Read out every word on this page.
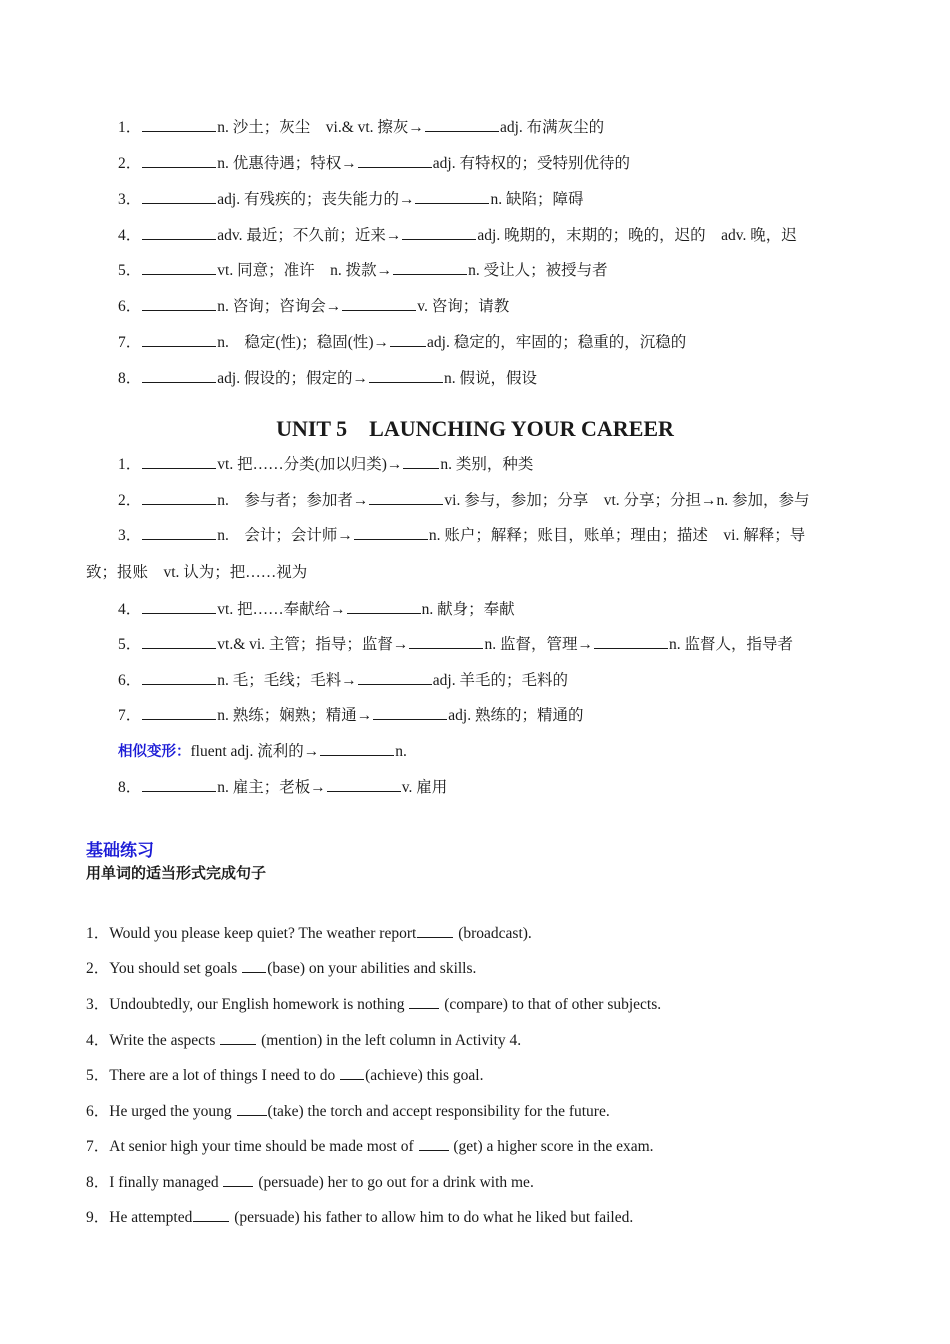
1．	n. 沙土；灰尘　vi.& vt. 擦灰→	adj. 布满灰尘的
2．	n. 优惠待遇；特权→	adj. 有特权的；受特别优待的
3．	adj. 有残疾的；丧失能力的→	n. 缺陷；障碍
4．	adv. 最近；不久前；近来→	adj. 晚期的，末期的；晚的，迟的　adv. 晚，迟
5．	vt. 同意；准许　n. 拨款→	n. 受让人；被授与者
6．	n. 咨询；咨询会→	v. 咨询；请教
7．	n.　稳定(性)；稳固(性)→ adj. 稳定的，牢固的；稳重的，沉稳的
8．	adj. 假设的；假定的→	n. 假说，假设
UNIT 5　LAUNCHING YOUR CAREER
1．	vt. 把……分类(加以归类)→ n. 类别，种类
2．	n.　参与者；参加者→	vi. 参与，参加；分享　vt. 分享；分担→n. 参加，参与
3．	n.　会计；会计师→	n. 账户；解释；账目，账单；理由；描述　vi. 解释；导
致；报账　vt. 认为；把……视为
4．	vt. 把……奉献给→	n. 献身；奉献
5．	vt.& vi. 主管；指导；监督→	n. 监督，管理→	n. 监督人，指导者
6．	n. 毛；毛线；毛料→	adj. 羊毛的；毛料的
7．	n. 熟练；娴熟；精通→	adj. 熟练的；精通的
相似变形：fluent adj. 流利的→	n.
8．	n. 雇主；老板→	v. 雇用
基础练习
用单词的适当形式完成句子
1．Would you please keep quiet? The weather report (broadcast).
2．You should set goals (base) on your abilities and skills.
3．Undoubtedly, our English homework is nothing  (compare) to that of other subjects.
4．Write the aspects  (mention) in the left column in Activity 4.
5．There are a lot of things I need to do (achieve) this goal.
6．He urged the young (take) the torch and accept responsibility for the future.
7．At senior high your time should be made most of  (get) a higher score in the exam.
8．I finally managed  (persuade) her to go out for a drink with me.
9．He attempted (persuade) his father to allow him to do what he liked but failed.
